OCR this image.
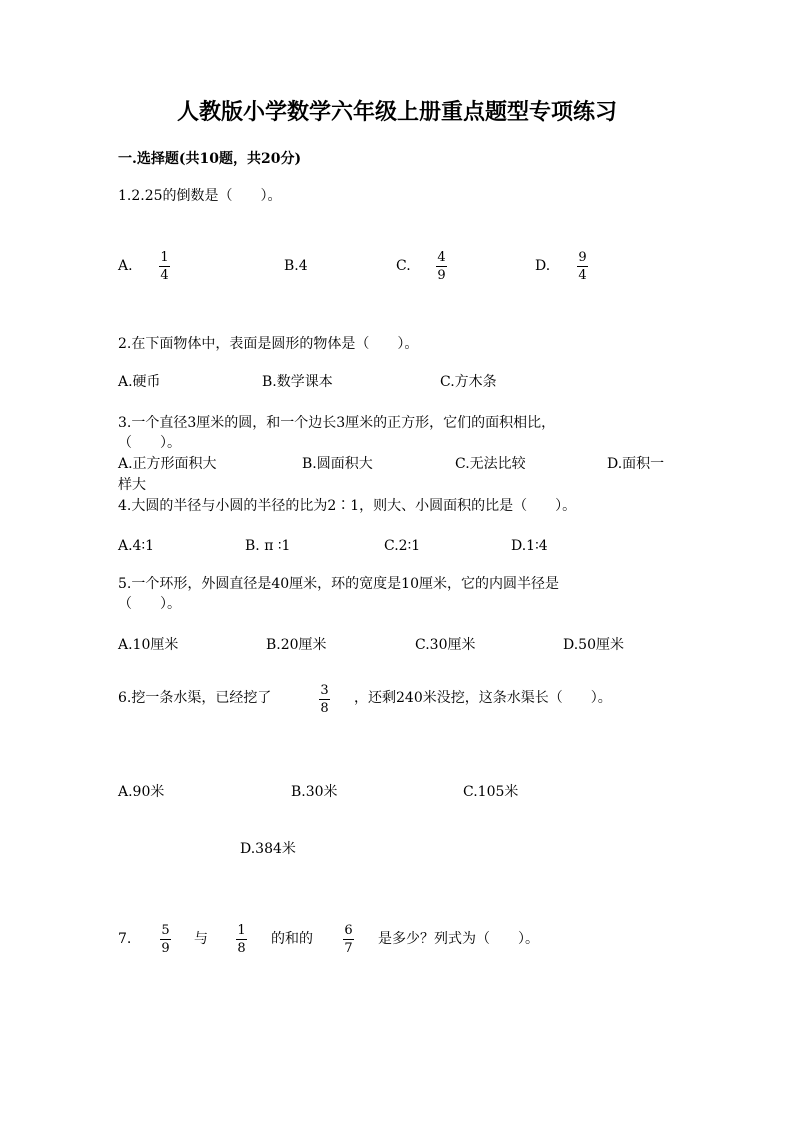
人教版小学数学六年级上册重点题型专项练习
一.选择题(共10题，共20分)
1.2.25的倒数是（　　）。
A.
1
4
B.4	C.
4
9
D.
9
4
2.在下面物体中，表面是圆形的物体是（　　）。
A.硬币	B.数学课本	C.方木条
3.一个直径3厘米的圆，和一个边长3厘米的正方形，它们的面积相比，
（　　）。
A.正方形面积大	B.圆面积大	C.无法比较	D.面积一
样大
4.大圆的半径与小圆的半径的比为2∶1，则大、小圆面积的比是（　　）。
A.4∶1	B. π ∶1	C.2∶1	D.1∶4
5.一个环形，外圆直径是40厘米，环的宽度是10厘米，它的内圆半径是
（　　）。
A.10厘米	B.20厘米	C.30厘米	D.50厘米
6.挖一条水渠，已经挖了	3
8
，还剩240米没挖，这条水渠长（　　）。
A.90米	B.30米	C.105米
D.384米
7.
5
9
与
1
8
的和的
6
7
是多少？列式为（　　）。
